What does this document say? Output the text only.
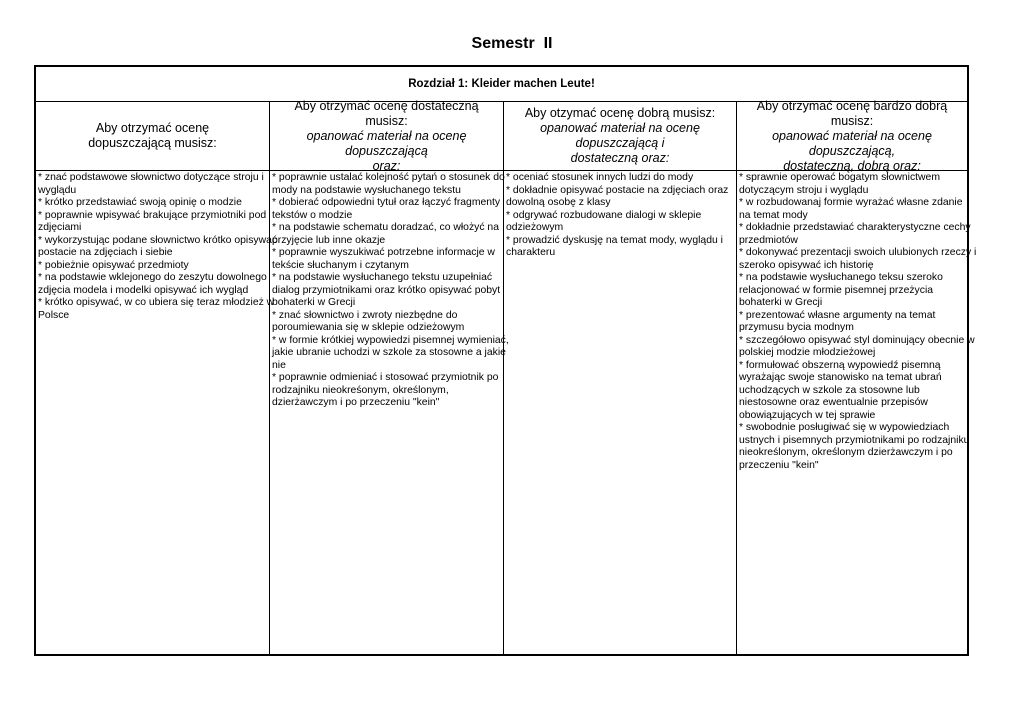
Semestr  II
Rozdział 1: Kleider machen Leute!
Aby otrzymać ocenę
dopuszczającą musisz:
* znać podstawowe słownictwo dotyczące stroju i
wyglądu
* krótko przedstawiać swoją opinię o modzie
* poprawnie wpisywać brakujące przymiotniki pod
zdjęciami
* wykorzystując podane słownictwo krótko opisywać
postacie na zdjęciach i siebie
* pobieżnie opisywać przedmioty
* na podstawie wklejonego do zeszytu dowolnego
zdjęcia modela i modelki opisywać ich wygląd
* krótko opisywać, w co ubiera się teraz młodzież w
Polsce
Aby otrzymać ocenę dostateczną musisz:
opanować materiał na ocenę dopuszczającą
oraz:
* poprawnie ustalać kolejność pytań o stosunek do
mody na podstawie wysłuchanego tekstu
* dobierać odpowiedni tytuł oraz łączyć fragmenty
tekstów o modzie
* na podstawie schematu doradzać, co włożyć na
przyjęcie lub inne okazje
* poprawnie wyszukiwać potrzebne informacje w
tekście słuchanym i czytanym
* na podstawie wysłuchanego tekstu uzupełniać
dialog przymiotnikami oraz krótko opisywać pobyt
bohaterki w Grecji
* znać słownictwo i zwroty niezbędne do
poroumiewania się w sklepie odzieżowym
* w formie krótkiej wypowiedzi pisemnej wymieniać,
jakie ubranie uchodzi w szkole za stosowne a jakie
nie
* poprawnie odmieniać i stosować przymiotnik po
rodzajniku nieokreśonym, określonym,
dzierżawczym i po przeczeniu "kein"
Aby otzymać ocenę dobrą musisz:
opanować materiał na ocenę dopuszczającą i
dostateczną oraz:
* oceniać stosunek innych ludzi do mody
* dokładnie opisywać postacie na zdjęciach oraz
dowolną osobę z klasy
* odgrywać rozbudowane dialogi w sklepie
odzieżowym
* prowadzić dyskusję na temat mody, wyglądu i
charakteru
Aby otrzymać ocenę bardzo dobrą musisz:
opanować materiał na ocenę dopuszczającą,
dostateczną, dobrą oraz:
* sprawnie operować bogatym słownictwem
dotyczącym stroju i wyglądu
* w rozbudowanaj formie wyrażać własne zdanie
na temat mody
* dokładnie przedstawiać charakterystyczne cechy
przedmiotów
* dokonywać prezentacji swoich ulubionych rzeczy i
szeroko opisywać ich historię
* na podstawie wysłuchanego teksu szeroko
relacjonować w formie pisemnej przeżycia
bohaterki w Grecji
* prezentować własne argumenty na temat
przymusu bycia modnym
* szczegółowo opisywać styl dominujący obecnie w
polskiej modzie młodzieżowej
* formułować obszerną wypowiedź pisemną
wyrażając swoje stanowisko na temat ubrań
uchodzących w szkole za stosowne lub
niestosowne oraz ewentualnie przepisów
obowiązujących w tej sprawie
* swobodnie posługiwać się w wypowiedziach
ustnych i pisemnych przymiotnikami po rodzajniku
nieokreślonym, określonym dzierżawczym i po
przeczeniu "kein"
